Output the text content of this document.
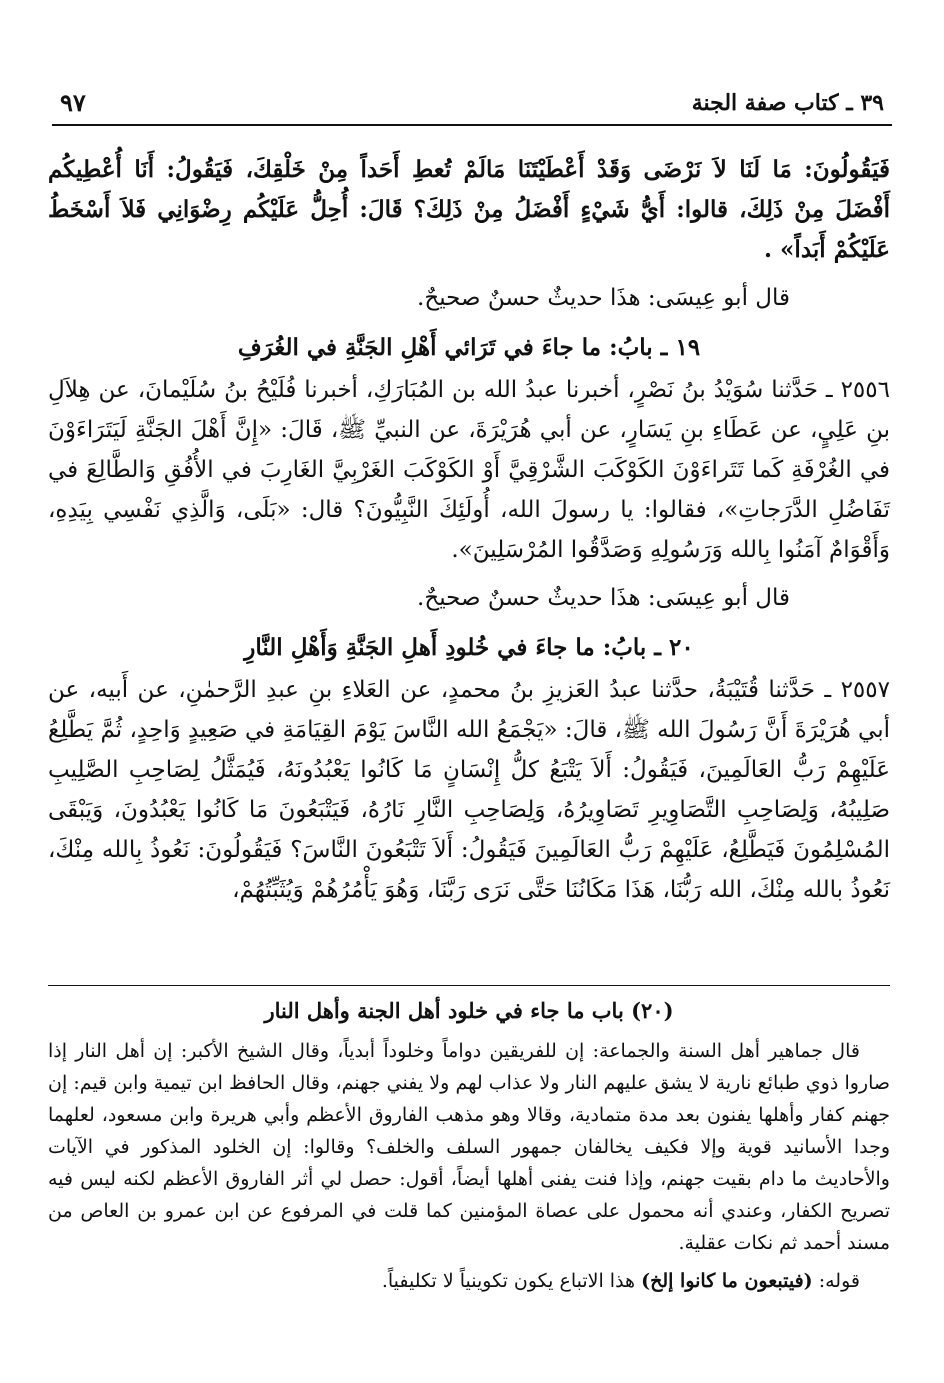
٣٩ ـ كتاب صفة الجنة
٩٧

فَيَقُولُونَ: مَا لَنَا لاَ نَرْضَى وَقَدْ أَعْطَيْتَنَا مَالَمْ تُعطِ أَحَداً مِنْ خَلْقِكَ، فَيَقُولُ: أَنَا أُعْطِيكُم أَفْضَلَ مِنْ ذَلِكَ، قالوا: أَيُّ شَيْءٍ أَفْضَلُ مِنْ ذَلِكَ؟ قَالَ: أُحِلُّ عَلَيْكُم رِضْوَانِي فَلاَ أَسْخَطُ عَلَيْكُمْ أَبَداً» .

قال أبو عِيسَى: هذَا حديثٌ حسنٌ صحيحٌ.

١٩ ـ بابُ: ما جاءَ في تَرَائي أَهْلِ الجَنَّةِ في الغُرَفِ

٢٥٥٦ ـ حَدَّثنا سُوَيْدُ بنُ نَصْرٍ، أخبرنا عبدُ الله بن المُبَارَكِ، أخبرنا فُلَيْحُ بنُ سُلَيْمانَ، عن هِلاَلِ بنِ عَلِيٍ، عن عَطَاءِ بنِ يَسَارٍ، عن أبي هُرَيْرَةَ، عن النبيِّ ﷺ، قَالَ: «إِنَّ أَهْلَ الجَنَّةِ لَيَتَرَاءَوْنَ في الغُرْفَةِ كَما تَتَراءَوْنَ الكَوْكَبَ الشَّرْقِيَّ أَوْ الكَوْكَبَ الغَرْبِيَّ الغَارِبَ في الأُفُقِ وَالطَّالِعَ في تَفَاضُلِ الدَّرَجاتِ»، فقالوا: يا رسولَ الله، أُولَئِكَ النَّبِيُّونَ؟ قال: «بَلَى، وَالَّذِي نَفْسِي بِيَدِهِ، وَأَقْوَامٌ آمَنُوا بِالله وَرَسُولِهِ وَصَدَّقُوا المُرْسَلِينَ».

قال أبو عِيسَى: هذَا حديثٌ حسنٌ صحيحٌ.

٢٠ ـ بابُ: ما جاءَ في خُلودِ أَهلِ الجَنَّةِ وَأَهْلِ النَّارِ

٢٥٥٧ ـ حَدَّثنا قُتَيْبَةُ، حدَّثنا عبدُ العَزيزِ بنُ محمدٍ، عن العَلاءِ بنِ عبدِ الرَّحمٰنِ، عن أَبيه، عن أبي هُرَيْرَةَ أَنَّ رَسُولَ الله ﷺ، قالَ: «يَجْمَعُ الله النَّاسَ يَوْمَ القِيَامَةِ في صَعِيدٍ وَاحِدٍ، ثُمَّ يَطَّلِعُ عَلَيْهِمْ رَبُّ العَالَمِينَ، فَيَقُولُ: أَلاَ يَتْبَعُ كلُّ إِنْسَانٍ مَا كَانُوا يَعْبُدُونَهُ، فَيُمَثَّلُ لِصَاحِبِ الصَّلِيبِ صَلِيبُهُ، وَلِصَاحِبِ التَّصَاوِيرِ تَصَاوِيرُهُ، وَلِصَاحِبِ النَّارِ نَارُهُ، فَيَتْبَعُونَ مَا كَانُوا يَعْبُدُونَ، وَيَبْقَى المُسْلِمُونَ فَيَطَّلِعُ، عَلَيْهِمْ رَبُّ العَالَمِينَ فَيَقُولُ: أَلاَ تَتْبَعُونَ النَّاسَ؟ فَيَقُولُونَ: نَعُوذُ بِالله مِنْكَ، نَعُوذُ بالله مِنْكَ، الله رَبُّنَا، هَذَا مَكَانُنَا حَتَّى نَرَى رَبَّنَا، وَهُوَ يَأْمُرُهُمْ وَيُثَبِّتُهُمْ،

(٢٠) باب ما جاء في خلود أهل الجنة وأهل النار

قال جماهير أهل السنة والجماعة: إن للفريقين دواماً وخلوداً أبدياً، وقال الشيخ الأكبر: إن أهل النار إذا صاروا ذوي طبائع نارية لا يشق عليهم النار ولا عذاب لهم ولا يفني جهنم، وقال الحافظ ابن تيمية وابن قيم: إن جهنم كفار وأهلها يفنون بعد مدة متمادية، وقالا وهو مذهب الفاروق الأعظم وأبي هريرة وابن مسعود، لعلهما وجدا الأسانيد قوية وإلا فكيف يخالفان جمهور السلف والخلف؟ وقالوا: إن الخلود المذكور في الآيات والأحاديث ما دام بقيت جهنم، وإذا فنت يفنى أهلها أيضاً، أقول: حصل لي أثر الفاروق الأعظم لكنه ليس فيه تصريح الكفار، وعندي أنه محمول على عصاة المؤمنين كما قلت في المرفوع عن ابن عمرو بن العاص من مسند أحمد ثم نكات عقلية.

قوله: (فيتبعون ما كانوا إلخ) هذا الاتباع يكون تكوينياً لا تكليفياً.
